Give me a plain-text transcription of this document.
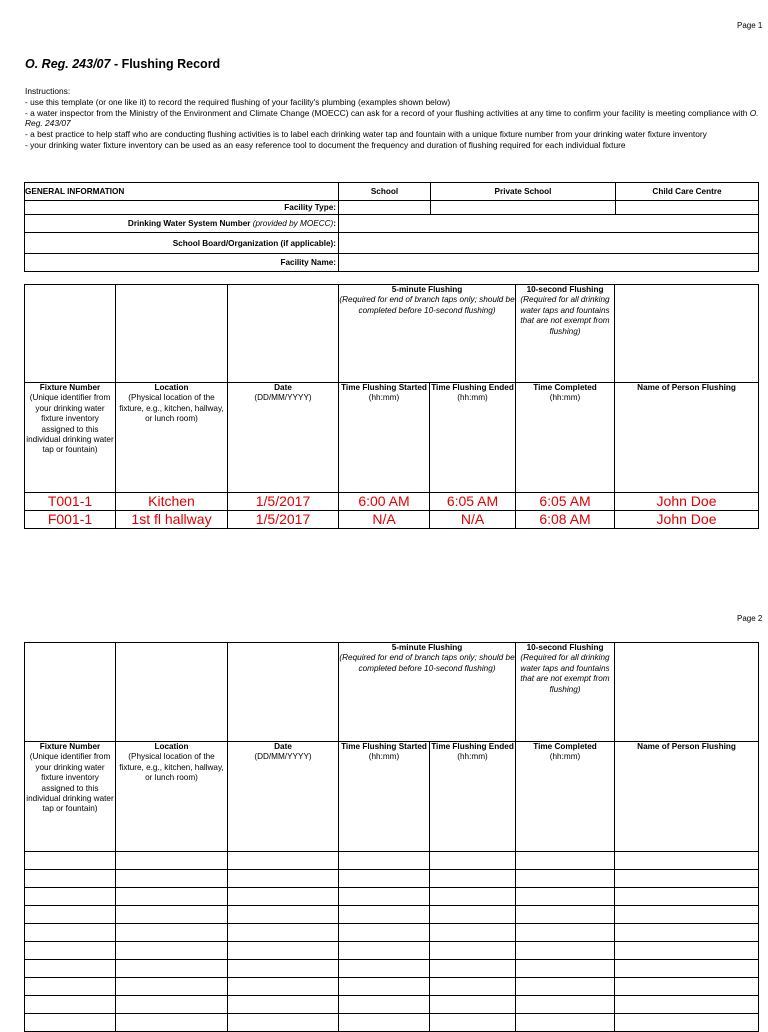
Page 1
O. Reg. 243/07 - Flushing Record
Instructions:
- use this template (or one like it) to record the required flushing of your facility's plumbing (examples shown below)
- a water inspector from the Ministry of the Environment and Climate Change (MOECC) can ask for a record of your flushing activities at any time to confirm your facility is meeting compliance with O. Reg. 243/07
- a best practice to help staff who are conducting flushing activities is to label each drinking water tap and fountain with a unique fixture number from your drinking water fixture inventory
- your drinking water fixture inventory can be used as an easy reference tool to document the frequency and duration of flushing required for each individual fixture
GENERAL INFORMATION	School	Private School	Child Care Centre
Facility Type:			
Drinking Water System Number (provided by MOECC):			
School Board/Organization (if applicable):			
Facility Name:			
			5-minute Flushing
(Required for end of branch taps only; should be completed before 10-second flushing)		10-second Flushing
(Required for all drinking water taps and fountains that are not exempt from flushing)	
Fixture Number
(Unique identifier from your drinking water fixture inventory assigned to this individual drinking water tap or fountain)	Location
(Physical location of the fixture, e.g., kitchen, hallway, or lunch room)	Date
(DD/MM/YYYY)	Time Flushing Started
(hh:mm)	Time Flushing Ended
(hh:mm)	Time Completed
(hh:mm)	Name of Person Flushing
T001-1	Kitchen	1/5/2017	6:00 AM	6:05 AM	6:05 AM	John Doe
F001-1	1st fl hallway	1/5/2017	N/A	N/A	6:08 AM	John Doe
Page 2
			5-minute Flushing
(Required for end of branch taps only; should be completed before 10-second flushing)		10-second Flushing
(Required for all drinking water taps and fountains that are not exempt from flushing)	
Fixture Number
(Unique identifier from your drinking water fixture inventory assigned to this individual drinking water tap or fountain)	Location
(Physical location of the fixture, e.g., kitchen, hallway, or lunch room)	Date
(DD/MM/YYYY)	Time Flushing Started
(hh:mm)	Time Flushing Ended
(hh:mm)	Time Completed
(hh:mm)	Name of Person Flushing
